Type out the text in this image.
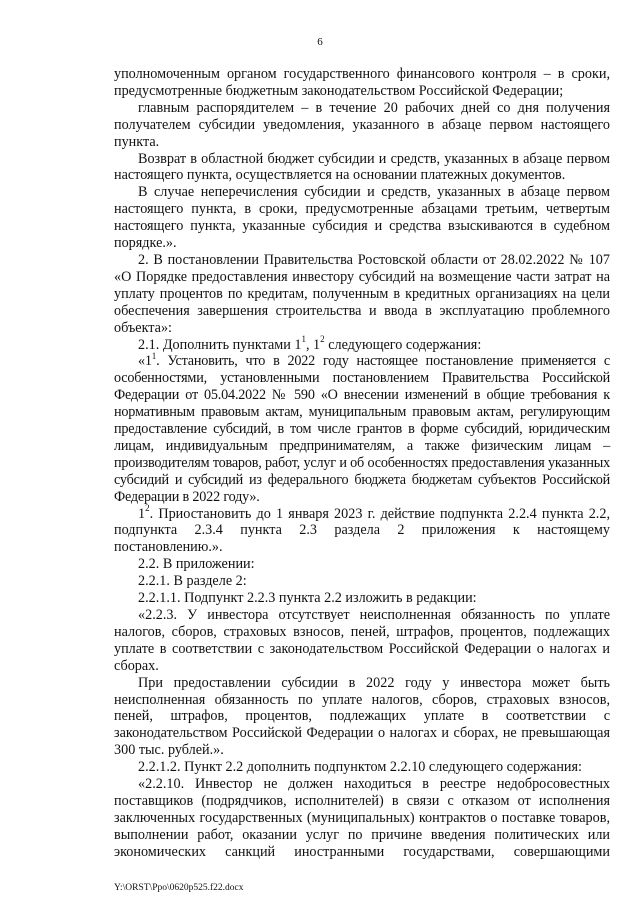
6

уполномоченным органом государственного финансового контроля – в сроки, предусмотренные бюджетным законодательством Российской Федерации;

главным распорядителем – в течение 20 рабочих дней со дня получения получателем субсидии уведомления, указанного в абзаце первом настоящего пункта.

Возврат в областной бюджет субсидии и средств, указанных в абзаце первом настоящего пункта, осуществляется на основании платежных документов.

В случае неперечисления субсидии и средств, указанных в абзаце первом настоящего пункта, в сроки, предусмотренные абзацами третьим, четвертым настоящего пункта, указанные субсидия и средства взыскиваются в судебном порядке.».

2. В постановлении Правительства Ростовской области от 28.02.2022 № 107 «О Порядке предоставления инвестору субсидий на возмещение части затрат на уплату процентов по кредитам, полученным в кредитных организациях на цели обеспечения завершения строительства и ввода в эксплуатацию проблемного объекта»:

2.1. Дополнить пунктами $1^1$, $1^2$ следующего содержания:

«$1^1$. Установить, что в 2022 году настоящее постановление применяется с особенностями, установленными постановлением Правительства Российской Федерации от 05.04.2022 № 590 «О внесении изменений в общие требования к нормативным правовым актам, муниципальным правовым актам, регулирующим предоставление субсидий, в том числе грантов в форме субсидий, юридическим лицам, индивидуальным предпринимателям, а также физическим лицам – производителям товаров, работ, услуг и об особенностях предоставления указанных субсидий и субсидий из федерального бюджета бюджетам субъектов Российской Федерации в 2022 году».

$1^2$. Приостановить до 1 января 2023 г. действие подпункта 2.2.4 пункта 2.2, подпункта 2.3.4 пункта 2.3 раздела 2 приложения к настоящему постановлению.».

2.2. В приложении:

2.2.1. В разделе 2:

2.2.1.1. Подпункт 2.2.3 пункта 2.2 изложить в редакции:

«2.2.3. У инвестора отсутствует неисполненная обязанность по уплате налогов, сборов, страховых взносов, пеней, штрафов, процентов, подлежащих уплате в соответствии с законодательством Российской Федерации о налогах и сборах.

При предоставлении субсидии в 2022 году у инвестора может быть неисполненная обязанность по уплате налогов, сборов, страховых взносов, пеней, штрафов, процентов, подлежащих уплате в соответствии с законодательством Российской Федерации о налогах и сборах, не превышающая 300 тыс. рублей.».

2.2.1.2. Пункт 2.2 дополнить подпунктом 2.2.10 следующего содержания:

«2.2.10. Инвестор не должен находиться в реестре недобросовестных поставщиков (подрядчиков, исполнителей) в связи с отказом от исполнения заключенных государственных (муниципальных) контрактов о поставке товаров, выполнении работ, оказании услуг по причине введения политических или экономических санкций иностранными государствами, совершающими

Y:\ORST\Ppo\0620p525.f22.docx
